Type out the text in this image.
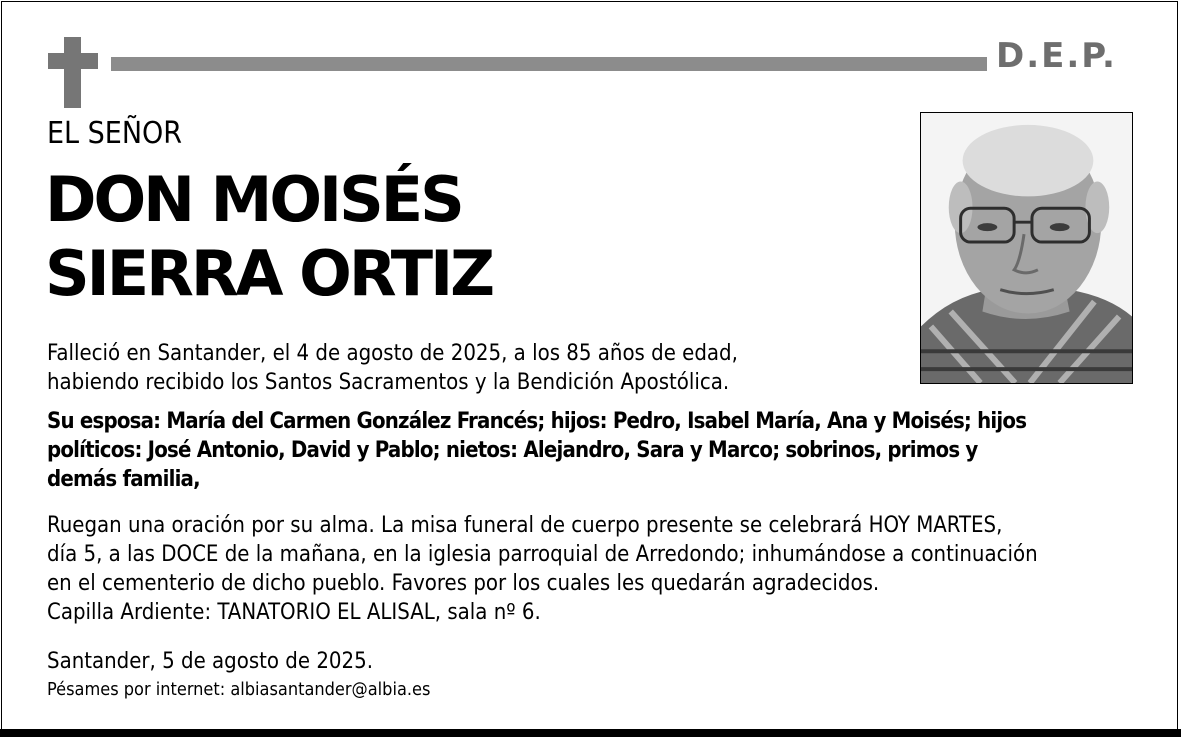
D.E.P.
EL SEÑOR
DON MOISÉS
SIERRA ORTIZ
Falleció en Santander, el 4 de agosto de 2025, a los 85 años de edad,
habiendo recibido los Santos Sacramentos y la Bendición Apostólica.
Su esposa: María del Carmen González Francés; hijos: Pedro, Isabel María, Ana y Moisés; hijos
políticos: José Antonio, David y Pablo; nietos: Alejandro, Sara y Marco; sobrinos, primos y
demás familia,
Ruegan una oración por su alma. La misa funeral de cuerpo presente se celebrará HOY MARTES,
día 5, a las DOCE de la mañana, en la iglesia parroquial de Arredondo; inhumándose a continuación
en el cementerio de dicho pueblo. Favores por los cuales les quedarán agradecidos.
Capilla Ardiente: TANATORIO EL ALISAL, sala nº 6.
Santander, 5 de agosto de 2025.
Pésames por internet: albiasantander@albia.es
